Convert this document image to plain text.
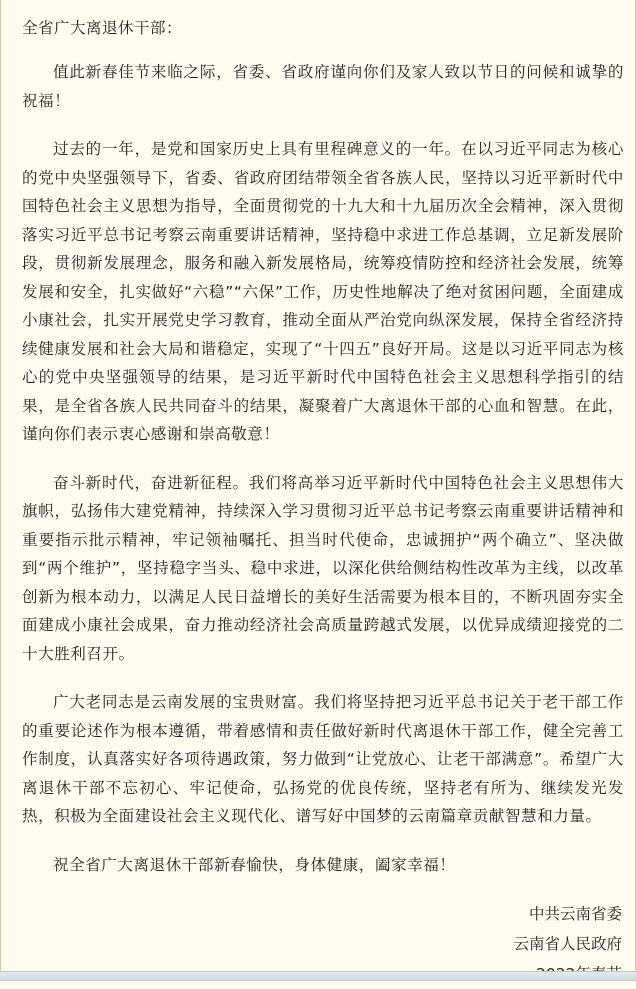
全省广大离退休干部：

值此新春佳节来临之际，省委、省政府谨向你们及家人致以节日的问候和诚挚的祝福！

过去的一年，是党和国家历史上具有里程碑意义的一年。在以习近平同志为核心的党中央坚强领导下，省委、省政府团结带领全省各族人民，坚持以习近平新时代中国特色社会主义思想为指导，全面贯彻党的十九大和十九届历次全会精神，深入贯彻落实习近平总书记考察云南重要讲话精神，坚持稳中求进工作总基调，立足新发展阶段，贯彻新发展理念，服务和融入新发展格局，统筹疫情防控和经济社会发展，统筹发展和安全，扎实做好“六稳”“六保”工作，历史性地解决了绝对贫困问题，全面建成小康社会，扎实开展党史学习教育，推动全面从严治党向纵深发展，保持全省经济持续健康发展和社会大局和谐稳定，实现了“十四五”良好开局。这是以习近平同志为核心的党中央坚强领导的结果，是习近平新时代中国特色社会主义思想科学指引的结果，是全省各族人民共同奋斗的结果，凝聚着广大离退休干部的心血和智慧。在此，谨向你们表示衷心感谢和崇高敬意！

奋斗新时代，奋进新征程。我们将高举习近平新时代中国特色社会主义思想伟大旗帜，弘扬伟大建党精神，持续深入学习贯彻习近平总书记考察云南重要讲话精神和重要指示批示精神，牢记领袖嘱托、担当时代使命，忠诚拥护“两个确立”、坚决做到“两个维护”，坚持稳字当头、稳中求进，以深化供给侧结构性改革为主线，以改革创新为根本动力，以满足人民日益增长的美好生活需要为根本目的，不断巩固夯实全面建成小康社会成果，奋力推动经济社会高质量跨越式发展，以优异成绩迎接党的二十大胜利召开。

广大老同志是云南发展的宝贵财富。我们将坚持把习近平总书记关于老干部工作的重要论述作为根本遵循，带着感情和责任做好新时代离退休干部工作，健全完善工作制度，认真落实好各项待遇政策，努力做到“让党放心、让老干部满意”。希望广大离退休干部不忘初心、牢记使命，弘扬党的优良传统，坚持老有所为、继续发光发热，积极为全面建设社会主义现代化、谱写好中国梦的云南篇章贡献智慧和力量。

祝全省广大离退休干部新春愉快，身体健康，阖家幸福！

中共云南省委

云南省人民政府
